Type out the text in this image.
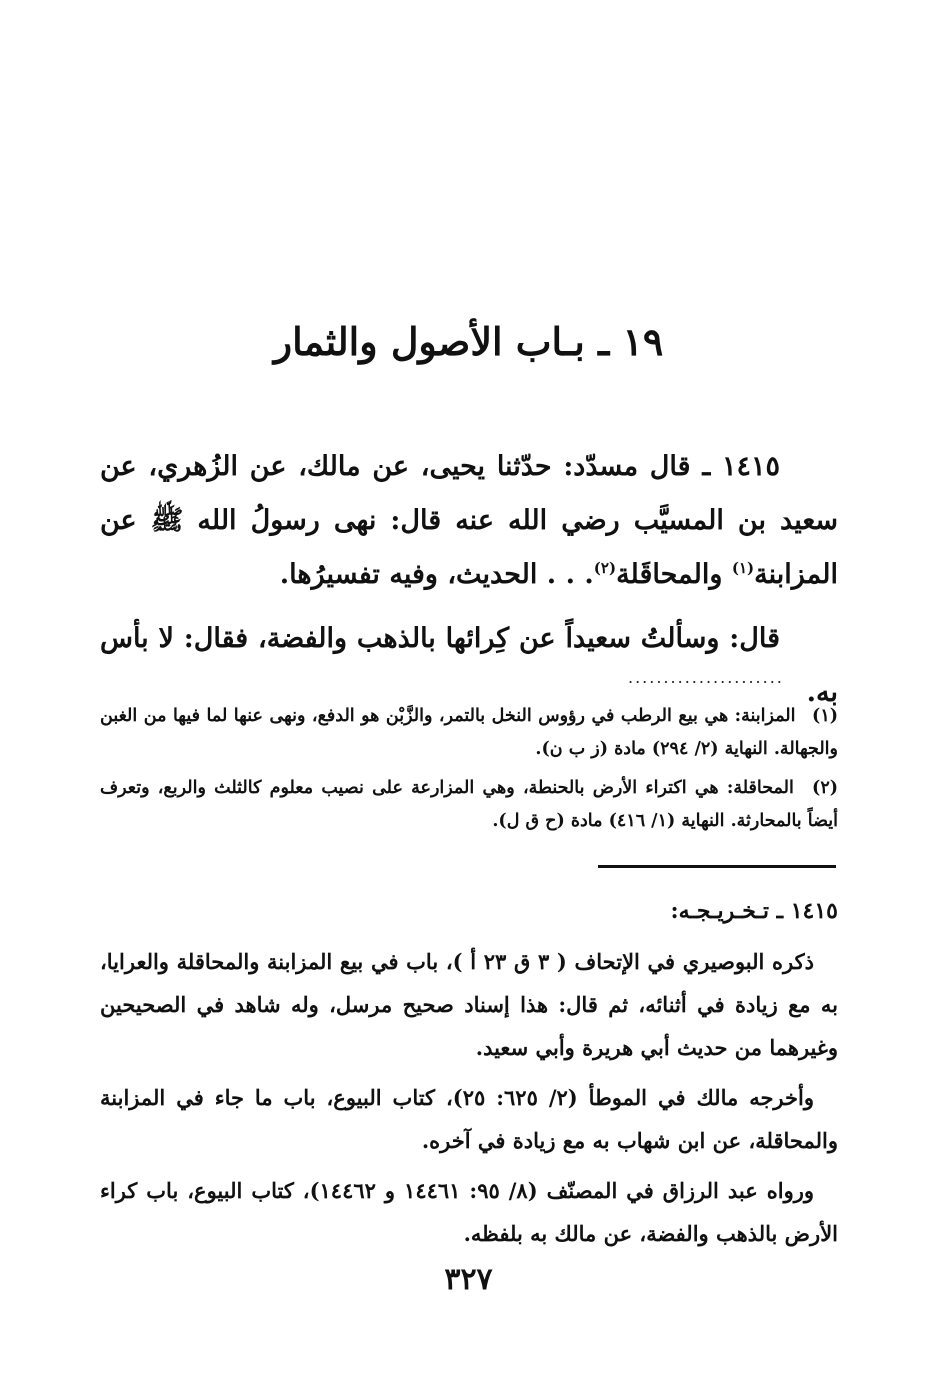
١٩ ـ بـاب الأصول والثمار

١٤١٥ ـ قال مسدّد: حدّثنا يحيى، عن مالك، عن الزُهري، عن سعيد بن المسيَّب رضي الله عنه قال: نهى رسولُ الله ﷺ عن المزابنة$^{(١)}$ والمحاقَلة$^{(٢)}$. . . الحديث، وفيه تفسيرُها.

قال: وسألتُ سعيداً عن كِرائها بالذهب والفضة، فقال: لا بأس به.

......................

(١) المزابنة: هي بيع الرطب في رؤوس النخل بالتمر، والزَّبْن هو الدفع، ونهى عنها لما فيها من الغبن والجهالة. النهاية (٢/ ٢٩٤) مادة (ز ب ن).

(٢) المحاقلة: هي اكتراء الأرض بالحنطة، وهي المزارعة على نصيب معلوم كالثلث والربع، وتعرف أيضاً بالمحارثة. النهاية (١/ ٤١٦) مادة (ح ق ل).

١٤١٥ ـ تـخـريـجـه:

ذكره البوصيري في الإتحاف ( ٣ ق ٢٣ أ )، باب في بيع المزابنة والمحاقلة والعرايا، به مع زيادة في أثنائه، ثم قال: هذا إسناد صحيح مرسل، وله شاهد في الصحيحين وغيرهما من حديث أبي هريرة وأبي سعيد.

وأخرجه مالك في الموطأ (٢/ ٦٢٥: ٢٥)، كتاب البيوع، باب ما جاء في المزابنة والمحاقلة، عن ابن شهاب به مع زيادة في آخره.

ورواه عبد الرزاق في المصنّف (٨/ ٩٥: ١٤٤٦١ و ١٤٤٦٢)، كتاب البيوع، باب كراء الأرض بالذهب والفضة، عن مالك به بلفظه.

٣٢٧
